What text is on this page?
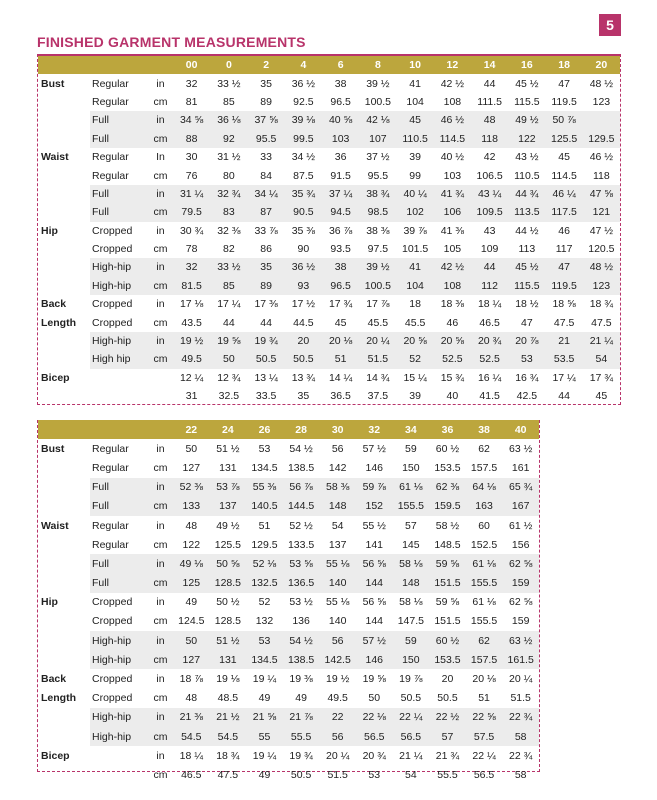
5
FINISHED GARMENT MEASUREMENTS
			00	0	2	4	6	8	10	12	14	16	18	20
Bust	Regular	in	32	33 ½	35	36 ½	38	39 ½	41	42 ½	44	45 ½	47	48 ½
	Regular	cm	81	85	89	92.5	96.5	100.5	104	108	111.5	115.5	119.5	123
	Full	in	34 ⅝	36 ⅛	37 ⅝	39 ⅛	40 ⅝	42 ⅛	45	46 ½	48	49 ½	50 ⅞	
	Full	cm	88	92	95.5	99.5	103	107	110.5	114.5	118	122	125.5	129.5
Waist	Regular	In	30	31 ½	33	34 ½	36	37 ½	39	40 ½	42	43 ½	45	46 ½
	Regular	cm	76	80	84	87.5	91.5	95.5	99	103	106.5	110.5	114.5	118
	Full	in	31 ¼	32 ¾	34 ¼	35 ¾	37 ¼	38 ¾	40 ¼	41 ¾	43 ¼	44 ¾	46 ¼	47 ⅝
	Full	cm	79.5	83	87	90.5	94.5	98.5	102	106	109.5	113.5	117.5	121
Hip	Cropped	in	30 ¾	32 ⅜	33 ⅞	35 ⅜	36 ⅞	38 ⅜	39 ⅞	41 ⅜	43	44 ½	46	47 ½
	Cropped	cm	78	82	86	90	93.5	97.5	101.5	105	109	113	117	120.5
	High-hip	in	32	33 ½	35	36 ½	38	39 ½	41	42 ½	44	45 ½	47	48 ½
	High-hip	cm	81.5	85	89	93	96.5	100.5	104	108	112	115.5	119.5	123
Back	Cropped	in	17 ⅛	17 ¼	17 ⅜	17 ½	17 ¾	17 ⅞	18	18 ⅜	18 ¼	18 ½	18 ⅝	18 ¾
Length	Cropped	cm	43.5	44	44	44.5	45	45.5	45.5	46	46.5	47	47.5	47.5
	High-hip	in	19 ½	19 ⅝	19 ¾	20	20 ⅛	20 ¼	20 ⅝	20 ⅝	20 ¾	20 ⅞	21	21 ¼
	High hip	cm	49.5	50	50.5	50.5	51	51.5	52	52.5	52.5	53	53.5	54
Bicep			12 ¼	12 ¾	13 ¼	13 ¾	14 ¼	14 ¾	15 ¼	15 ¾	16 ¼	16 ¾	17 ¼	17 ¾
			31	32.5	33.5	35	36.5	37.5	39	40	41.5	42.5	44	45
			22	24	26	28	30	32	34	36	38	40
Bust	Regular	in	50	51 ½	53	54 ½	56	57 ½	59	60 ½	62	63 ½
	Regular	cm	127	131	134.5	138.5	142	146	150	153.5	157.5	161
	Full	in	52 ⅜	53 ⅞	55 ⅜	56 ⅞	58 ⅜	59 ⅞	61 ⅛	62 ⅜	64 ⅛	65 ¾
	Full	cm	133	137	140.5	144.5	148	152	155.5	159.5	163	167
Waist	Regular	in	48	49 ½	51	52 ½	54	55 ½	57	58 ½	60	61 ½
	Regular	cm	122	125.5	129.5	133.5	137	141	145	148.5	152.5	156
	Full	in	49 ⅛	50 ⅝	52 ⅛	53 ⅝	55 ⅛	56 ⅝	58 ⅛	59 ⅝	61 ⅛	62 ⅝
	Full	cm	125	128.5	132.5	136.5	140	144	148	151.5	155.5	159
Hip	Cropped	in	49	50 ½	52	53 ½	55 ⅛	56 ⅝	58 ⅛	59 ⅝	61 ⅛	62 ⅝
	Cropped	cm	124.5	128.5	132	136	140	144	147.5	151.5	155.5	159
	High-hip	in	50	51 ½	53	54 ½	56	57 ½	59	60 ½	62	63 ½
	High-hip	cm	127	131	134.5	138.5	142.5	146	150	153.5	157.5	161.5
Back	Cropped	in	18 ⅞	19 ⅛	19 ¼	19 ⅜	19 ½	19 ⅝	19 ⅞	20	20 ⅛	20 ¼
Length	Cropped	cm	48	48.5	49	49	49.5	50	50.5	50.5	51	51.5
	High-hip	in	21 ⅜	21 ½	21 ⅝	21 ⅞	22	22 ⅛	22 ¼	22 ½	22 ⅝	22 ¾
	High-hip	cm	54.5	54.5	55	55.5	56	56.5	56.5	57	57.5	58
Bicep		in	18 ¼	18 ¾	19 ¼	19 ¾	20 ¼	20 ¾	21 ¼	21 ¾	22 ¼	22 ¾
		cm	46.5	47.5	49	50.5	51.5	53	54	55.5	56.5	58
